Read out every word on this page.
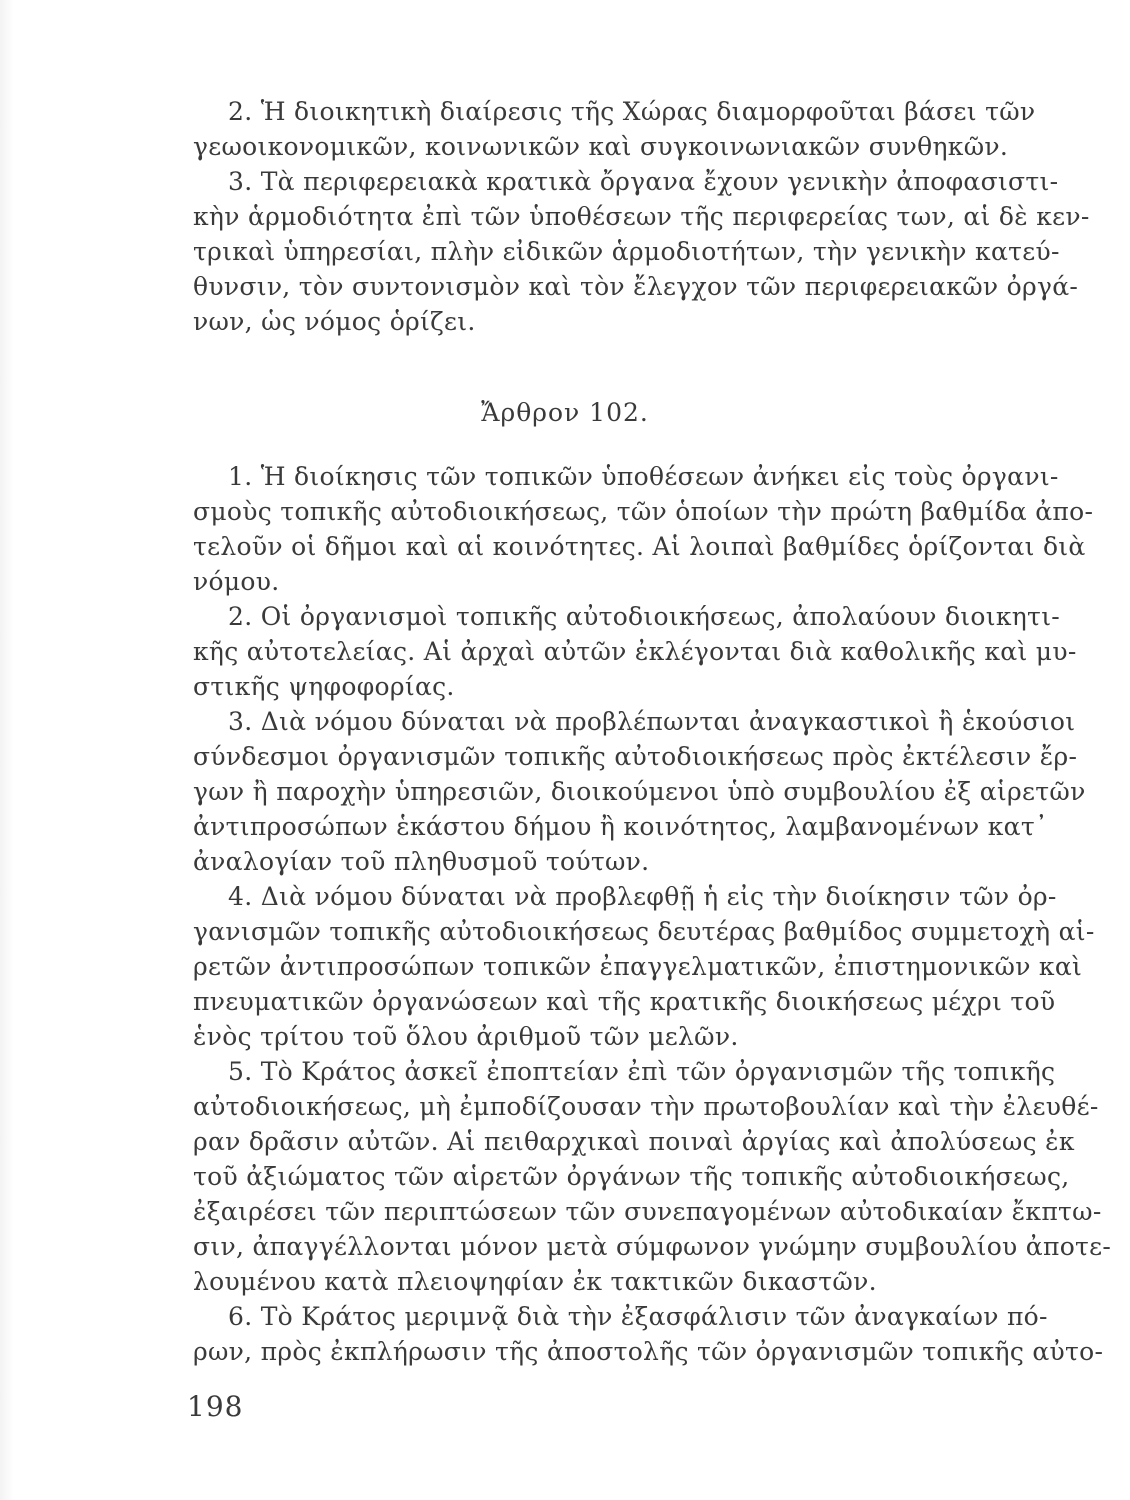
2. Ἡ διοικητικὴ διαίρεσις τῆς Χώρας διαμορφοῦται βάσει τῶν
γεωοικονομικῶν, κοινωνικῶν καὶ συγκοινωνιακῶν συνθηκῶν.
3. Τὰ περιφερειακὰ κρατικὰ ὄργανα ἔχουν γενικὴν ἀποφασιστι-
κὴν ἁρμοδιότητα ἐπὶ τῶν ὑποθέσεων τῆς περιφερείας των, αἱ δὲ κεν-
τρικαὶ ὑπηρεσίαι, πλὴν εἰδικῶν ἁρμοδιοτήτων, τὴν γενικὴν κατεύ-
θυνσιν, τὸν συντονισμὸν καὶ τὸν ἔλεγχον τῶν περιφερειακῶν ὀργά-
νων, ὡς νόμος ὁρίζει.
Ἄρθρον 102.
1. Ἡ διοίκησις τῶν τοπικῶν ὑποθέσεων ἀνήκει εἰς τοὺς ὀργανι-
σμοὺς τοπικῆς αὐτοδιοικήσεως, τῶν ὁποίων τὴν πρώτη βαθμίδα ἀπο-
τελοῦν οἱ δῆμοι καὶ αἱ κοινότητες. Αἱ λοιπαὶ βαθμίδες ὁρίζονται διὰ
νόμου.
2. Οἱ ὀργανισμοὶ τοπικῆς αὐτοδιοικήσεως, ἀπολαύουν διοικητι-
κῆς αὐτοτελείας. Αἱ ἀρχαὶ αὐτῶν ἐκλέγονται διὰ καθολικῆς καὶ μυ-
στικῆς ψηφοφορίας.
3. Διὰ νόμου δύναται νὰ προβλέπωνται ἀναγκαστικοὶ ἢ ἑκούσιοι
σύνδεσμοι ὀργανισμῶν τοπικῆς αὐτοδιοικήσεως πρὸς ἐκτέλεσιν ἔρ-
γων ἢ παροχὴν ὑπηρεσιῶν, διοικούμενοι ὑπὸ συμβουλίου ἐξ αἱρετῶν
ἀντιπροσώπων ἑκάστου δήμου ἢ κοινότητος, λαμβανομένων κατ᾿
ἀναλογίαν τοῦ πληθυσμοῦ τούτων.
4. Διὰ νόμου δύναται νὰ προβλεφθῇ ἡ εἰς τὴν διοίκησιν τῶν ὀρ-
γανισμῶν τοπικῆς αὐτοδιοικήσεως δευτέρας βαθμίδος συμμετοχὴ αἱ-
ρετῶν ἀντιπροσώπων τοπικῶν ἐπαγγελματικῶν, ἐπιστημονικῶν καὶ
πνευματικῶν ὀργανώσεων καὶ τῆς κρατικῆς διοικήσεως μέχρι τοῦ
ἑνὸς τρίτου τοῦ ὅλου ἀριθμοῦ τῶν μελῶν.
5. Τὸ Κράτος ἀσκεῖ ἐποπτείαν ἐπὶ τῶν ὀργανισμῶν τῆς τοπικῆς
αὐτοδιοικήσεως, μὴ ἐμποδίζουσαν τὴν πρωτοβουλίαν καὶ τὴν ἐλευθέ-
ραν δρᾶσιν αὐτῶν. Αἱ πειθαρχικαὶ ποιναὶ ἀργίας καὶ ἀπολύσεως ἐκ
τοῦ ἀξιώματος τῶν αἱρετῶν ὀργάνων τῆς τοπικῆς αὐτοδιοικήσεως,
ἐξαιρέσει τῶν περιπτώσεων τῶν συνεπαγομένων αὐτοδικαίαν ἔκπτω-
σιν, ἀπαγγέλλονται μόνον μετὰ σύμφωνον γνώμην συμβουλίου ἀποτε-
λουμένου κατὰ πλειοψηφίαν ἐκ τακτικῶν δικαστῶν.
6. Τὸ Κράτος μεριμνᾷ διὰ τὴν ἐξασφάλισιν τῶν ἀναγκαίων πό-
ρων, πρὸς ἐκπλήρωσιν τῆς ἀποστολῆς τῶν ὀργανισμῶν τοπικῆς αὐτο-
198
